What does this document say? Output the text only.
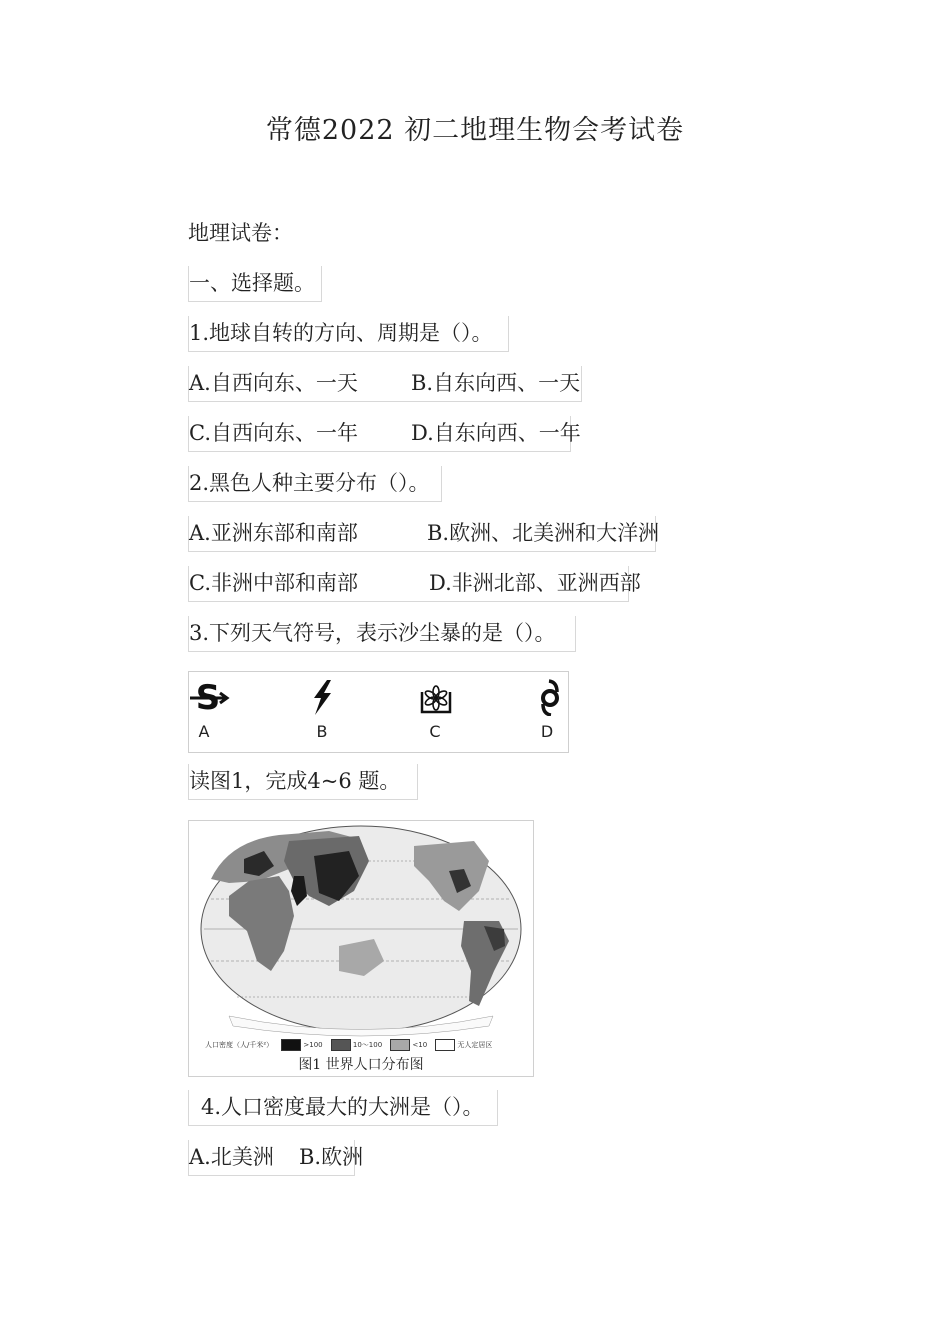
常德2022 初二地理生物会考试卷
地理试卷：
一、选择题。
1.地球自转的方向、周期是（）。
A.自西向东、一天	B.自东向西、一天
C.自西向东、一年	D.自东向西、一年
2.黑色人种主要分布（）。
A.亚洲东部和南部	B.欧洲、北美洲和大洋洲
C.非洲中部和南部	D.非洲北部、亚洲西部
3.下列天气符号，表示沙尘暴的是（）。
S
A	B	C	D
读图1，完成4~6 题。
人口密度（人/千米²）	>100	10～100	<10	无人定居区
图1 世界人口分布图
4.人口密度最大的大洲是（）。
A.北美洲 B.欧洲
